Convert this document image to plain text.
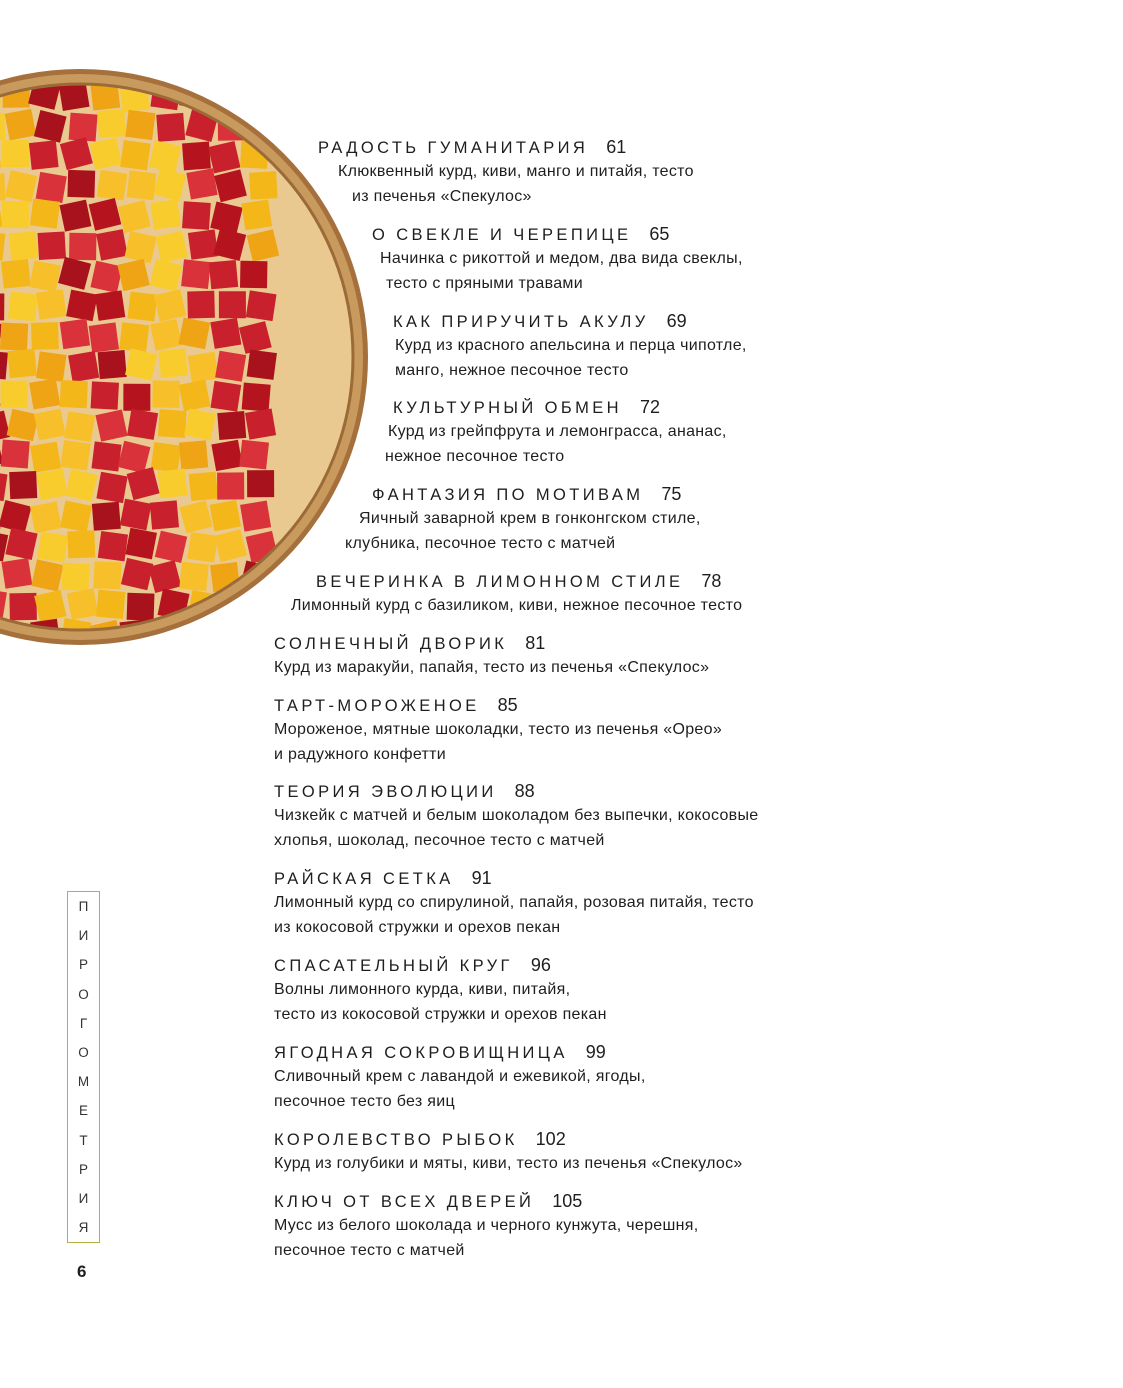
РАДОСТЬ ГУМАНИТАРИЯ 61
Клюквенный курд, киви, манго и питайя, тесто
из печенья «Спекулос»
О СВЕКЛЕ И ЧЕРЕПИЦЕ 65
Начинка с рикоттой и медом, два вида свеклы,
тесто с пряными травами
КАК ПРИРУЧИТЬ АКУЛУ 69
Курд из красного апельсина и перца чипотле,
манго, нежное песочное тесто
КУЛЬТУРНЫЙ ОБМЕН 72
Курд из грейпфрута и лемонграсса, ананас,
нежное песочное тесто
ФАНТАЗИЯ ПО МОТИВАМ 75
Яичный заварной крем в гонконгском стиле,
клубника, песочное тесто с матчей
ВЕЧЕРИНКА В ЛИМОННОМ СТИЛЕ 78
Лимонный курд с базиликом, киви, нежное песочное тесто
СОЛНЕЧНЫЙ ДВОРИК 81
Курд из маракуйи, папайя, тесто из печенья «Спекулос»
ТАРТ-МОРОЖЕНОЕ 85
Мороженое, мятные шоколадки, тесто из печенья «Орео»
и радужного конфетти
ТЕОРИЯ ЭВОЛЮЦИИ 88
Чизкейк с матчей и белым шоколадом без выпечки, кокосовые
хлопья, шоколад, песочное тесто с матчей
РАЙСКАЯ СЕТКА 91
Лимонный курд со спирулиной, папайя, розовая питайя, тесто
из кокосовой стружки и орехов пекан
СПАСАТЕЛЬНЫЙ КРУГ 96
Волны лимонного курда, киви, питайя,
тесто из кокосовой стружки и орехов пекан
ЯГОДНАЯ СОКРОВИЩНИЦА 99
Сливочный крем с лавандой и ежевикой, ягоды,
песочное тесто без яиц
КОРОЛЕВСТВО РЫБОК 102
Курд из голубики и мяты, киви, тесто из печенья «Спекулос»
КЛЮЧ ОТ ВСЕХ ДВЕРЕЙ 105
Мусс из белого шоколада и черного кунжута, черешня,
песочное тесто с матчей
П
И
Р
О
Г
О
М
Е
Т
Р
И
Я
6
